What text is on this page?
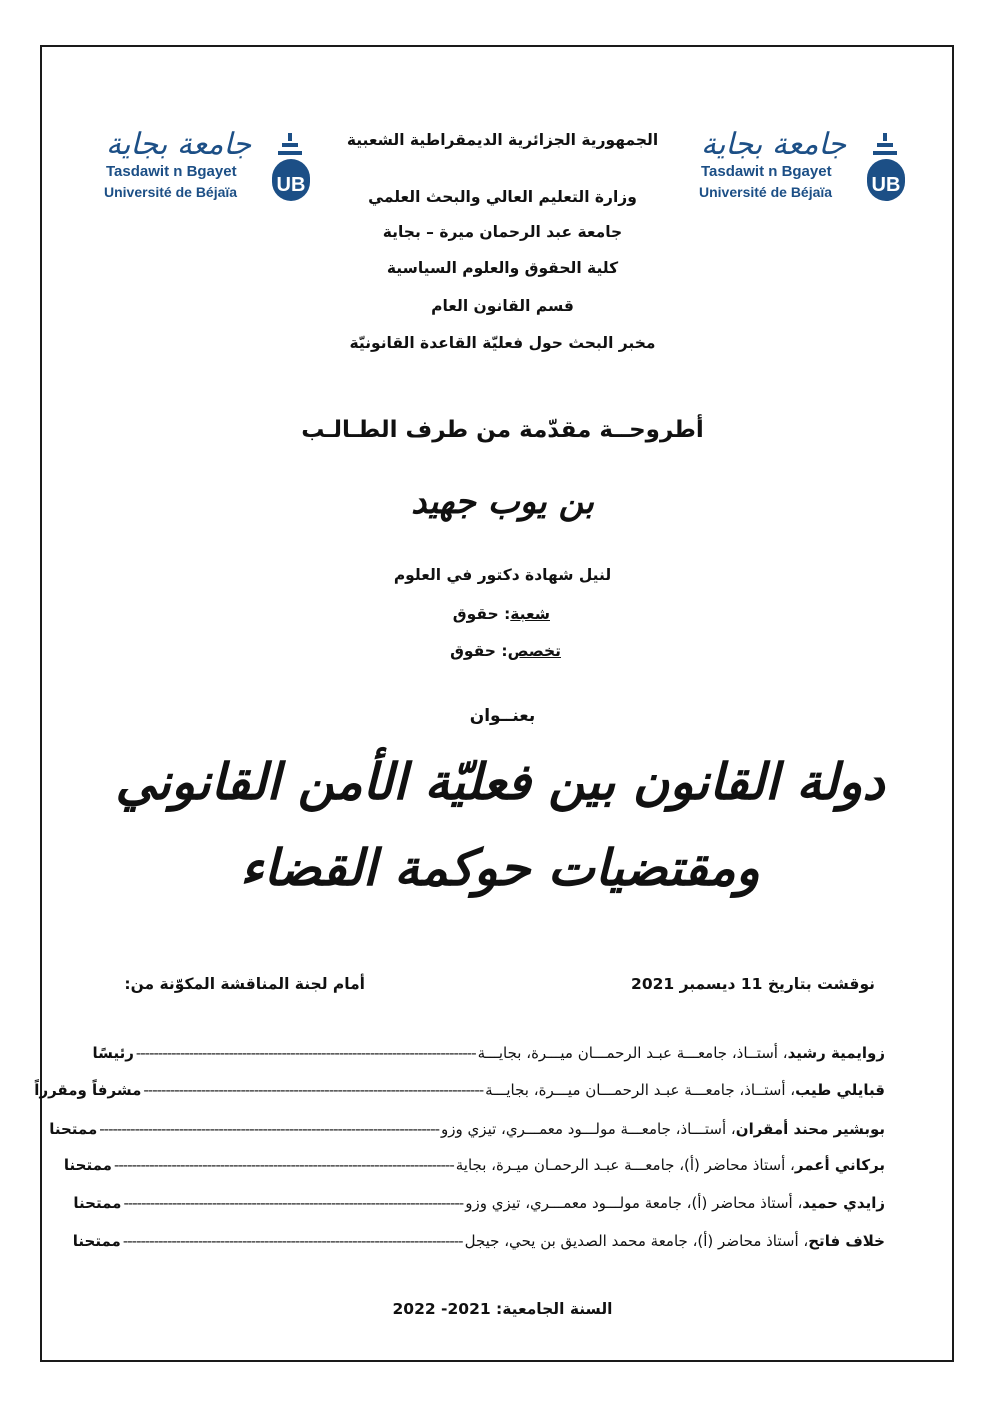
جامعة بجاية
Tasdawit n Bgayet
Université de Béjaïa UB
جامعة بجاية
Tasdawit n Bgayet
Université de Béjaïa UB
الجمهورية الجزائرية الديمقراطية الشعبية
وزارة التعليم العالي والبحث العلمي
جامعة عبد الرحمان ميرة – بجاية
كلية الحقوق والعلوم السياسية
قسم القانون العام
مخبر البحث حول فعليّة القاعدة القانونيّة
أطروحــة مقدّمة من طرف الطـالـب
بن يوب جهيد
لنيل شهادة دكتور في العلوم
شعبة: حقوق
تخصص: حقوق
بعنــوان
دولة القانون بين فعليّة الأمن القانوني
ومقتضيات حوكمة القضاء
نوقشت بتاريخ 11 ديسمبر 2021
أمام لجنة المناقشة المكوّنة من:
زوايمية رشيد
، أستــاذ، جامعـــة عبـد الرحمـــان ميـــرة، بجايـــة
-----------------------------------------------------------------------------
رئيسًا
قبايلي طيب
، أستــاذ، جامعـــة عبـد الرحمـــان ميـــرة، بجايـــة
-----------------------------------------------------------------------------
مشرفاً ومقرراً
بوبشير محند أمقران
، أستـــاذ، جامعـــة مولـــود معمـــري، تيزي وزو
-----------------------------------------------------------------------------
ممتحنا
بركاني أعمر
، أستاذ محاضر (أ)، جامعـــة عبـد الرحمـان ميـرة، بجاية
-----------------------------------------------------------------------------
ممتحنا
زايدي حميد
، أستاذ محاضر (أ)، جامعة مولـــود معمـــري، تيزي وزو
-----------------------------------------------------------------------------
ممتحنا
خلاف فاتح
، أستاذ محاضر (أ)، جامعة محمد الصديق بن يحي، جيجل
-----------------------------------------------------------------------------
ممتحنا
السنة الجامعية: 2021- 2022
